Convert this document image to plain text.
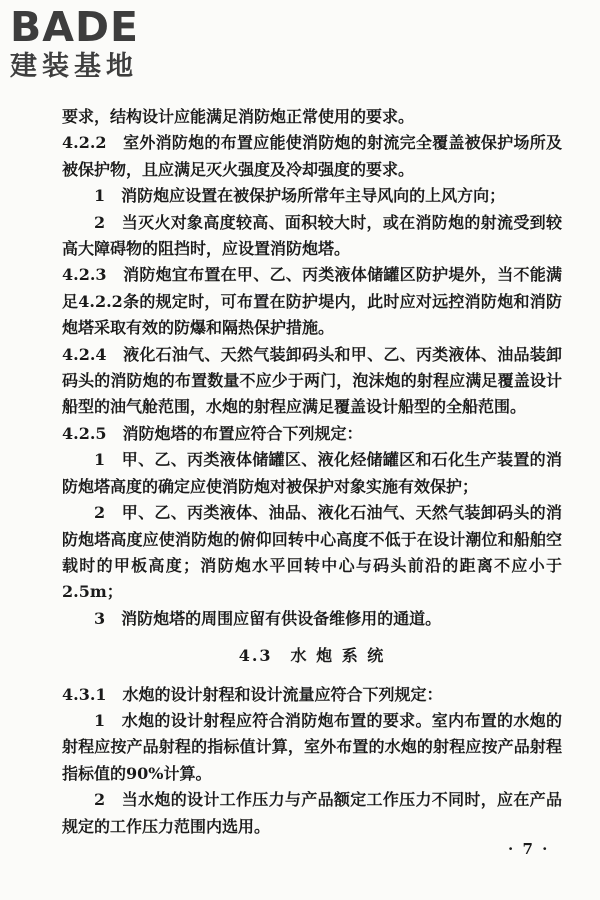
BADE
建装基地

要求，结构设计应能满足消防炮正常使用的要求。

4.2.2　室外消防炮的布置应能使消防炮的射流完全覆盖被保护场所及被保护物，且应满足灭火强度及冷却强度的要求。

1　消防炮应设置在被保护场所常年主导风向的上风方向；

2　当灭火对象高度较高、面积较大时，或在消防炮的射流受到较高大障碍物的阻挡时，应设置消防炮塔。

4.2.3　消防炮宜布置在甲、乙、丙类液体储罐区防护堤外，当不能满足4.2.2条的规定时，可布置在防护堤内，此时应对远控消防炮和消防炮塔采取有效的防爆和隔热保护措施。

4.2.4　液化石油气、天然气装卸码头和甲、乙、丙类液体、油品装卸码头的消防炮的布置数量不应少于两门，泡沫炮的射程应满足覆盖设计船型的油气舱范围，水炮的射程应满足覆盖设计船型的全船范围。

4.2.5　消防炮塔的布置应符合下列规定：

1　甲、乙、丙类液体储罐区、液化烃储罐区和石化生产装置的消防炮塔高度的确定应使消防炮对被保护对象实施有效保护；

2　甲、乙、丙类液体、油品、液化石油气、天然气装卸码头的消防炮塔高度应使消防炮的俯仰回转中心高度不低于在设计潮位和船舶空载时的甲板高度；消防炮水平回转中心与码头前沿的距离不应小于2.5m；

3　消防炮塔的周围应留有供设备维修用的通道。

4.3　水 炮 系 统

4.3.1　水炮的设计射程和设计流量应符合下列规定：

1　水炮的设计射程应符合消防炮布置的要求。室内布置的水炮的射程应按产品射程的指标值计算，室外布置的水炮的射程应按产品射程指标值的90%计算。

2　当水炮的设计工作压力与产品额定工作压力不同时，应在产品规定的工作压力范围内选用。

· 7 ·
